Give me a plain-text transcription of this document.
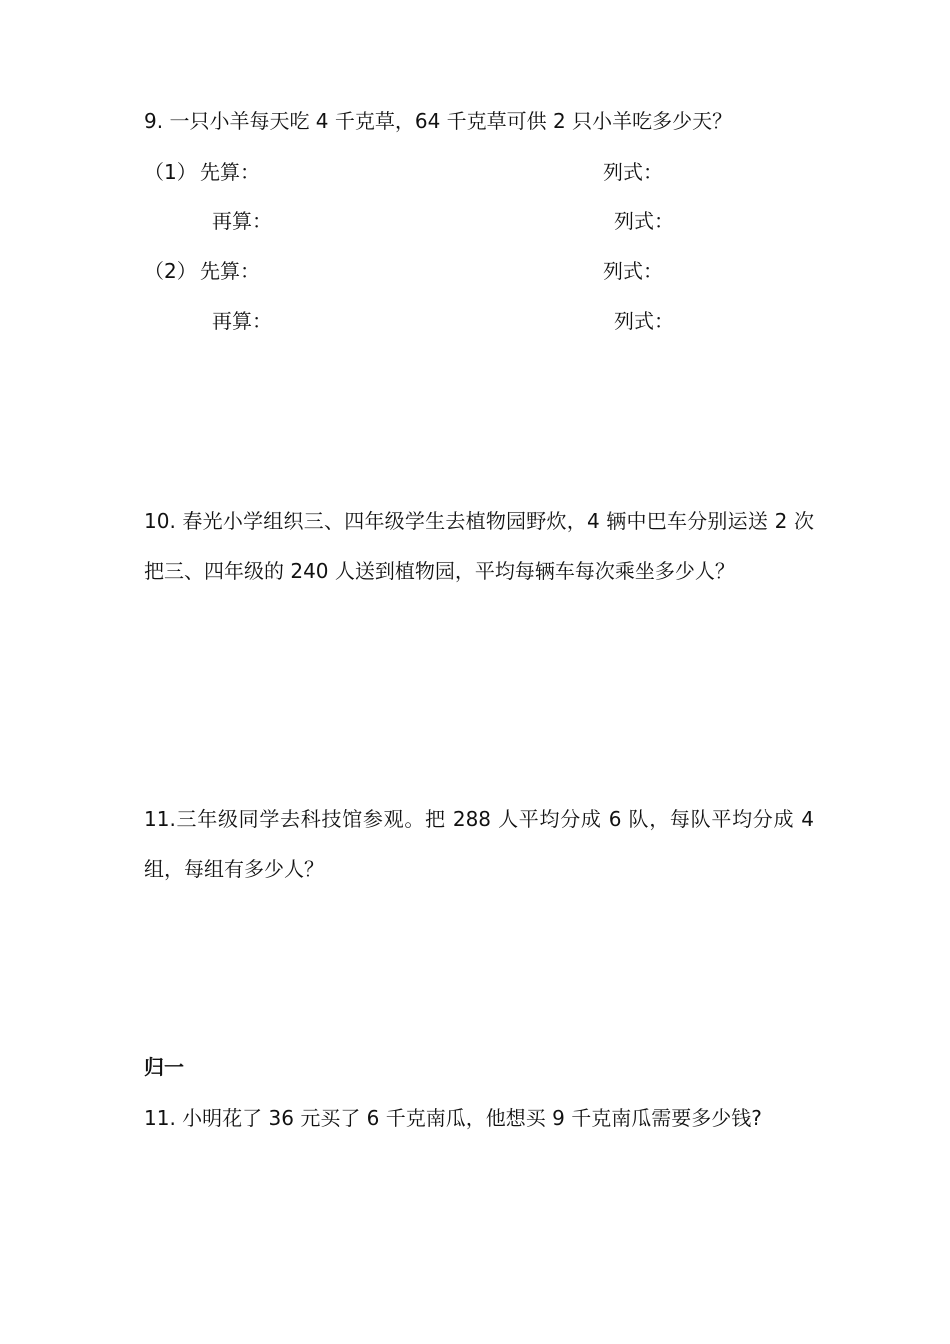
9. 一只小羊每天吃 4 千克草，64 千克草可供 2 只小羊吃多少天？
（1） 先算：	列式：
再算：	列式：
（2） 先算：	列式：
再算：	列式：
10. 春光小学组织三、四年级学生去植物园野炊，4 辆中巴车分别运送 2 次把三、四年级的 240 人送到植物园，平均每辆车每次乘坐多少人？
11.三年级同学去科技馆参观。把 288 人平均分成 6 队，每队平均分成 4 组，每组有多少人？
归一
11. 小明花了 36 元买了 6 千克南瓜，他想买 9 千克南瓜需要多少钱?
